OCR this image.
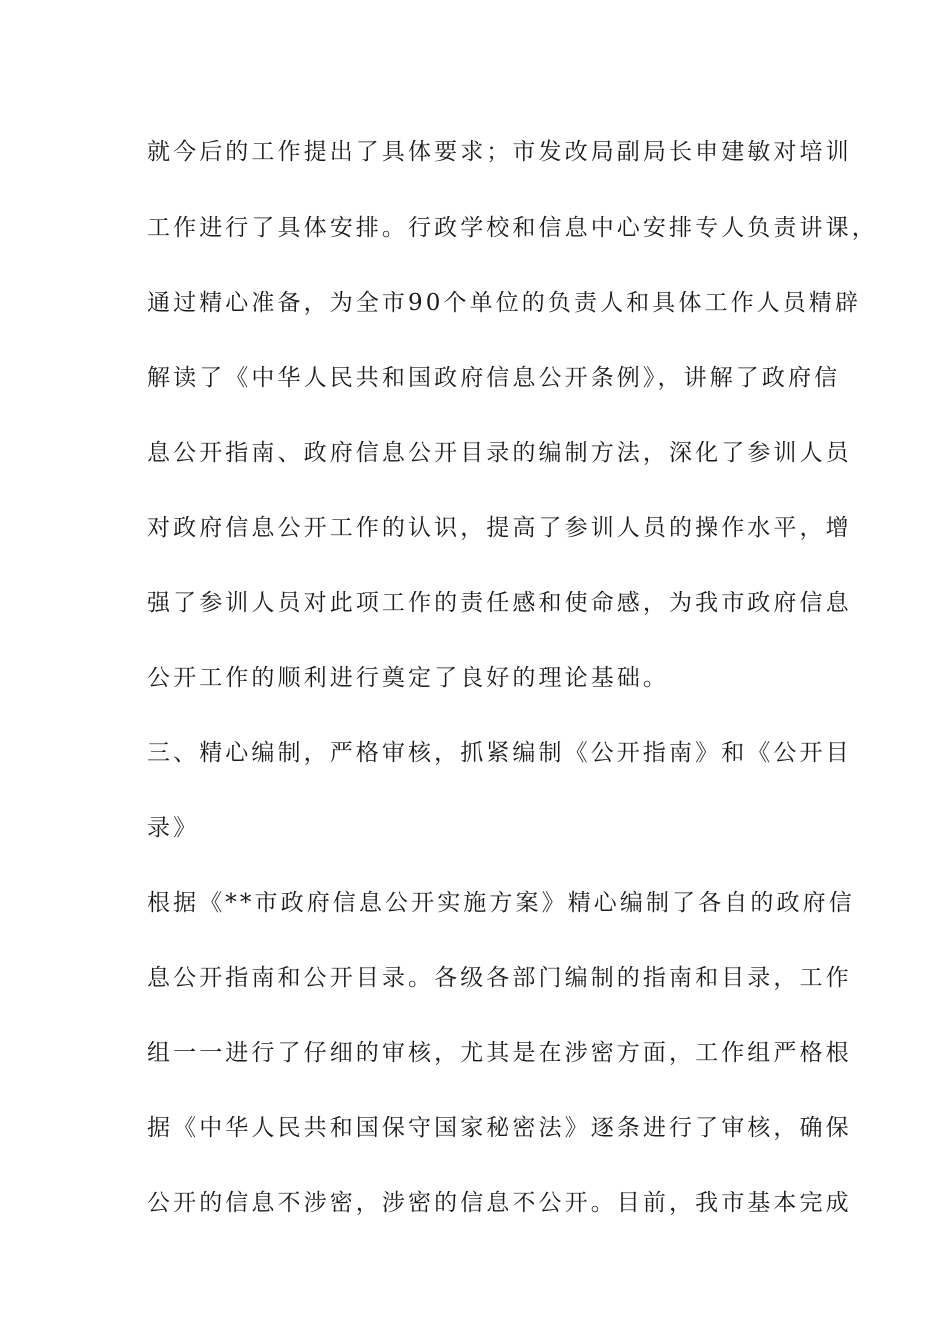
就今后的工作提出了具体要求；市发改局副局长申建敏对培训
工作进行了具体安排。行政学校和信息中心安排专人负责讲课，
通过精心准备，为全市90个单位的负责人和具体工作人员精辟
解读了《中华人民共和国政府信息公开条例》，讲解了政府信
息公开指南、政府信息公开目录的编制方法，深化了参训人员
对政府信息公开工作的认识，提高了参训人员的操作水平，增
强了参训人员对此项工作的责任感和使命感，为我市政府信息
公开工作的顺利进行奠定了良好的理论基础。
三、精心编制，严格审核，抓紧编制《公开指南》和《公开目
录》
根据《**市政府信息公开实施方案》精心编制了各自的政府信
息公开指南和公开目录。各级各部门编制的指南和目录，工作
组一一进行了仔细的审核，尤其是在涉密方面，工作组严格根
据《中华人民共和国保守国家秘密法》逐条进行了审核，确保
公开的信息不涉密，涉密的信息不公开。目前，我市基本完成
